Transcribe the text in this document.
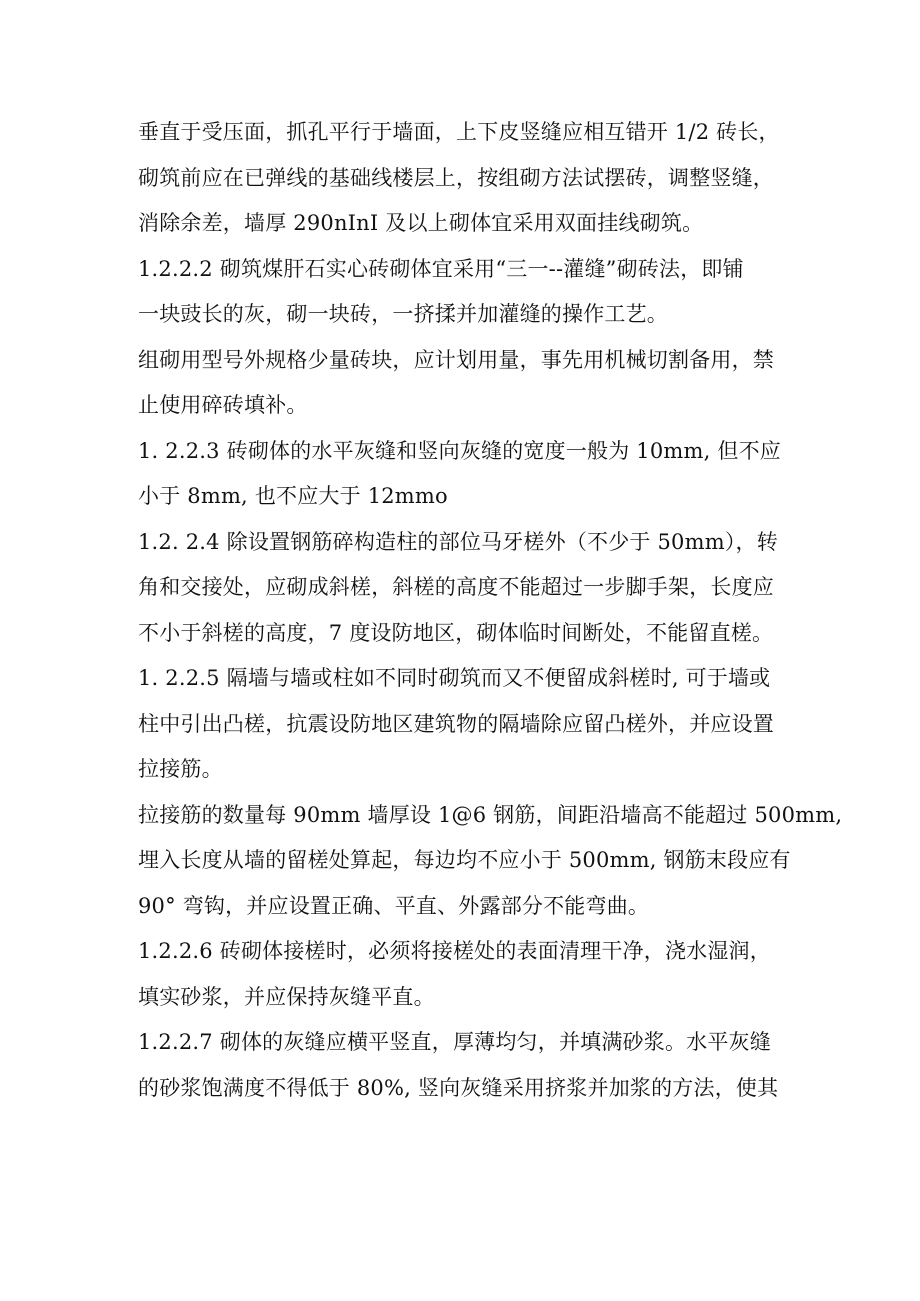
垂直于受压面，抓孔平行于墙面，上下皮竖缝应相互错开 1/2 砖长，
砌筑前应在已弹线的基础线楼层上，按组砌方法试摆砖，调整竖缝，
消除余差，墙厚 290nInI 及以上砌体宜采用双面挂线砌筑。
1.2.2.2 砌筑煤肝石实心砖砌体宜采用“三一--灌缝”砌砖法，即铺
一块豉长的灰，砌一块砖，一挤揉并加灌缝的操作工艺。
组砌用型号外规格少量砖块，应计划用量，事先用机械切割备用，禁
止使用碎砖填补。
1. 2.2.3 砖砌体的水平灰缝和竖向灰缝的宽度一般为 10mm, 但不应
小于 8mm, 也不应大于 12mmo
1.2. 2.4 除设置钢筋碎构造柱的部位马牙槎外（不少于 50mm），转
角和交接处，应砌成斜槎，斜槎的高度不能超过一步脚手架，长度应
不小于斜槎的高度，7 度设防地区，砌体临时间断处，不能留直槎。
1. 2.2.5 隔墙与墙或柱如不同时砌筑而又不便留成斜槎时, 可于墙或
柱中引出凸槎，抗震设防地区建筑物的隔墙除应留凸槎外，并应设置
拉接筋。
拉接筋的数量每 90mm 墙厚设 1@6 钢筋，间距沿墙高不能超过 500mm,
埋入长度从墙的留槎处算起，每边均不应小于 500mm, 钢筋末段应有
90° 弯钩，并应设置正确、平直、外露部分不能弯曲。
1.2.2.6 砖砌体接槎时，必须将接槎处的表面清理干净，浇水湿润，
填实砂浆，并应保持灰缝平直。
1.2.2.7 砌体的灰缝应横平竖直，厚薄均匀，并填满砂浆。水平灰缝
的砂浆饱满度不得低于 80%, 竖向灰缝采用挤浆并加浆的方法，使其
